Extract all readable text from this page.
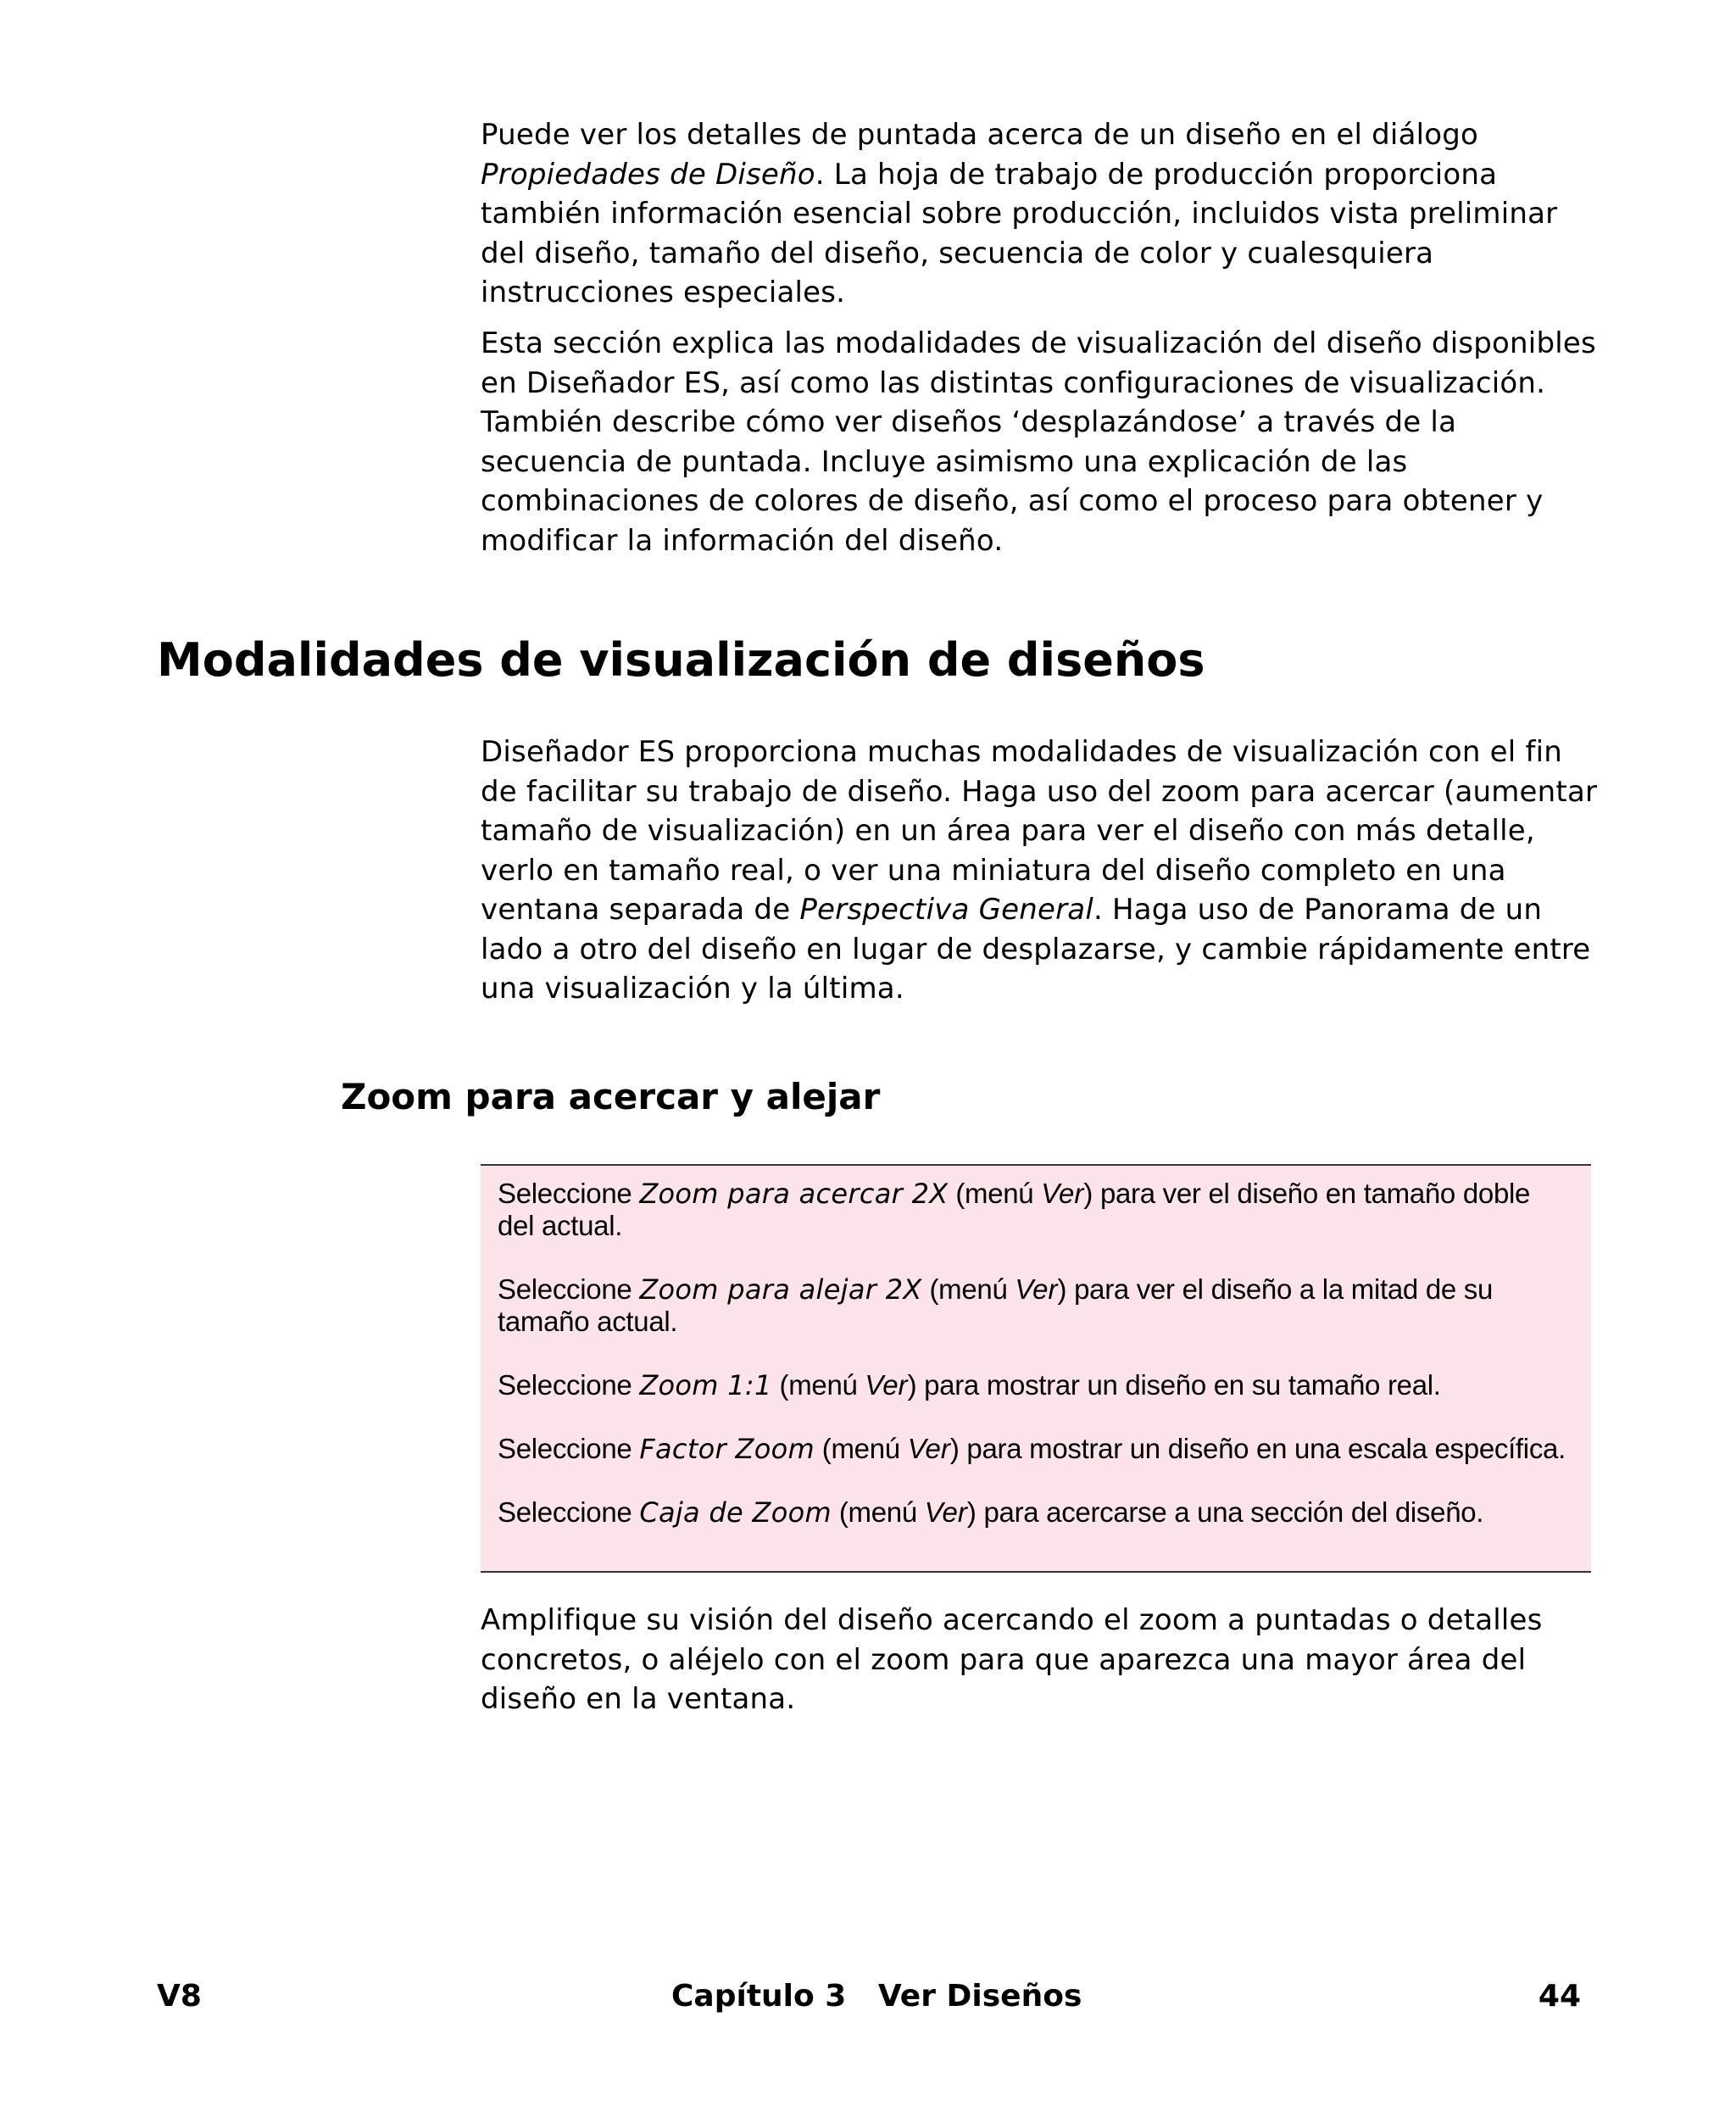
Puede ver los detalles de puntada acerca de un diseño en el diálogo Propiedades de Diseño. La hoja de trabajo de producción proporciona también información esencial sobre producción, incluidos vista preliminar del diseño, tamaño del diseño, secuencia de color y cualesquiera instrucciones especiales.

Esta sección explica las modalidades de visualización del diseño disponibles en Diseñador ES, así como las distintas configuraciones de visualización. También describe cómo ver diseños ‘desplazándose’ a través de la secuencia de puntada. Incluye asimismo una explicación de las combinaciones de colores de diseño, así como el proceso para obtener y modificar la información del diseño.

Modalidades de visualización de diseños

Diseñador ES proporciona muchas modalidades de visualización con el fin de facilitar su trabajo de diseño. Haga uso del zoom para acercar (aumentar tamaño de visualización) en un área para ver el diseño con más detalle, verlo en tamaño real, o ver una miniatura del diseño completo en una ventana separada de Perspectiva General. Haga uso de Panorama de un lado a otro del diseño en lugar de desplazarse, y cambie rápidamente entre una visualización y la última.

Zoom para acercar y alejar

Seleccione Zoom para acercar 2X (menú Ver) para ver el diseño en tamaño doble del actual.

Seleccione Zoom para alejar 2X (menú Ver) para ver el diseño a la mitad de su tamaño actual.

Seleccione Zoom 1:1 (menú Ver) para mostrar un diseño en su tamaño real.

Seleccione Factor Zoom (menú Ver) para mostrar un diseño en una escala específica.

Seleccione Caja de Zoom (menú Ver) para acercarse a una sección del diseño.

Amplifique su visión del diseño acercando el zoom a puntadas o detalles concretos, o aléjelo con el zoom para que aparezca una mayor área del diseño en la ventana.

V8	Capítulo 3   Ver Diseños	44
